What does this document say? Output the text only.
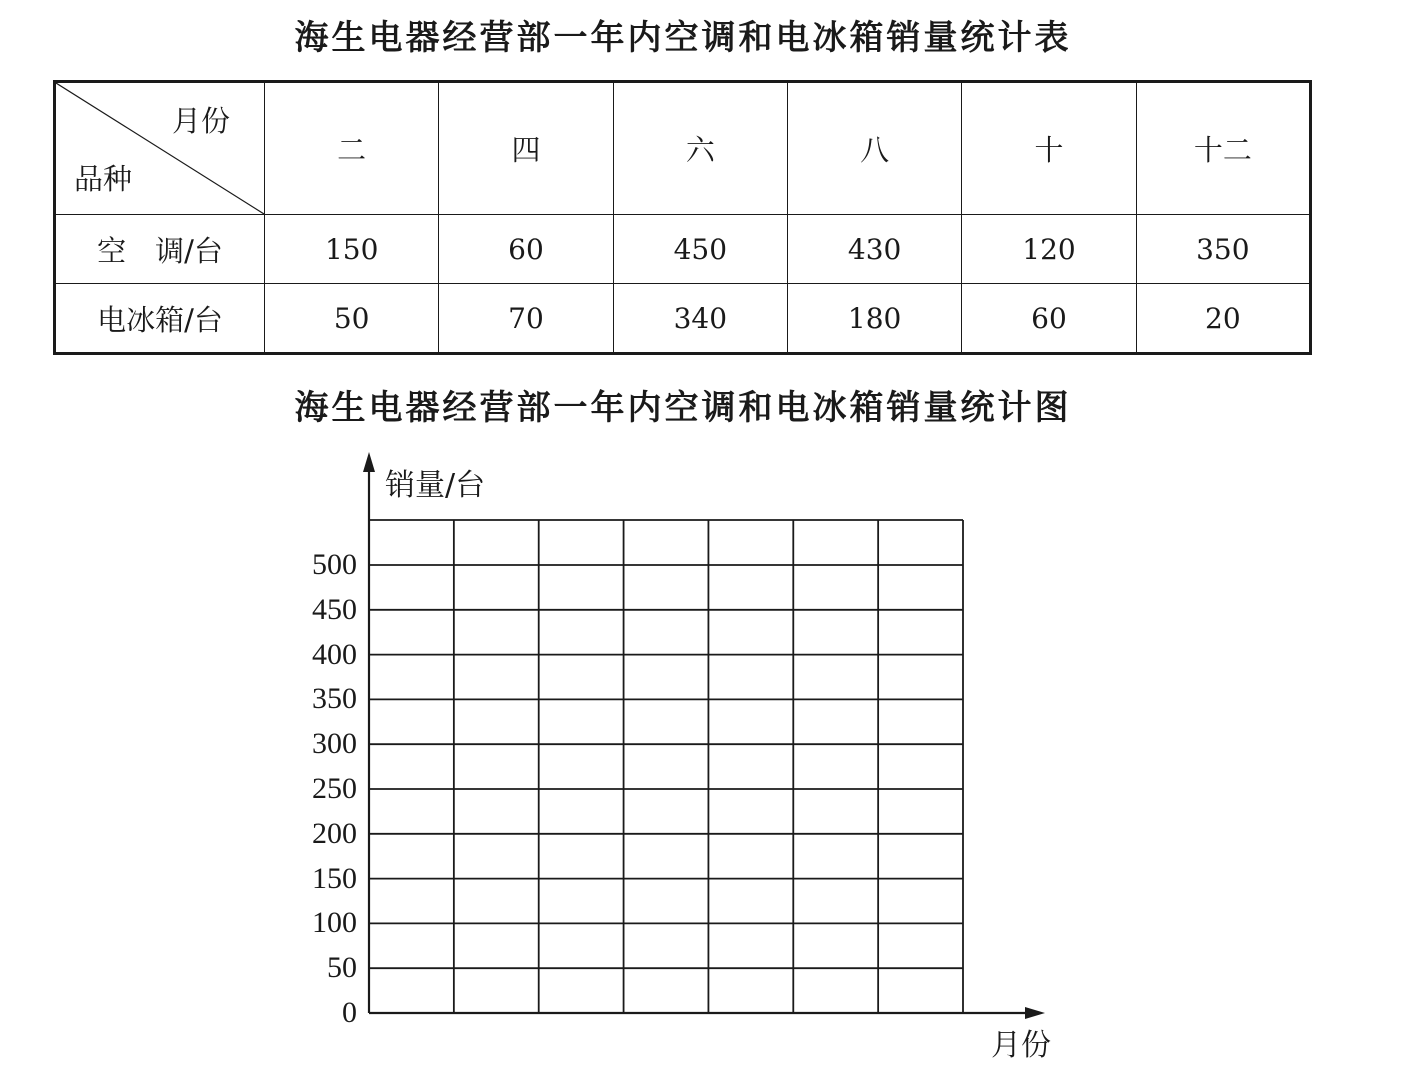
海生电器经营部一年内空调和电冰箱销量统计表
月份
品种	二	四	六	八	十	十二
空　调/台	150	60	450	430	120	350
电冰箱/台	50	70	340	180	60	20
海生电器经营部一年内空调和电冰箱销量统计图
销量/台
月份
0
50
100
150
200
250
300
350
400
450
500
